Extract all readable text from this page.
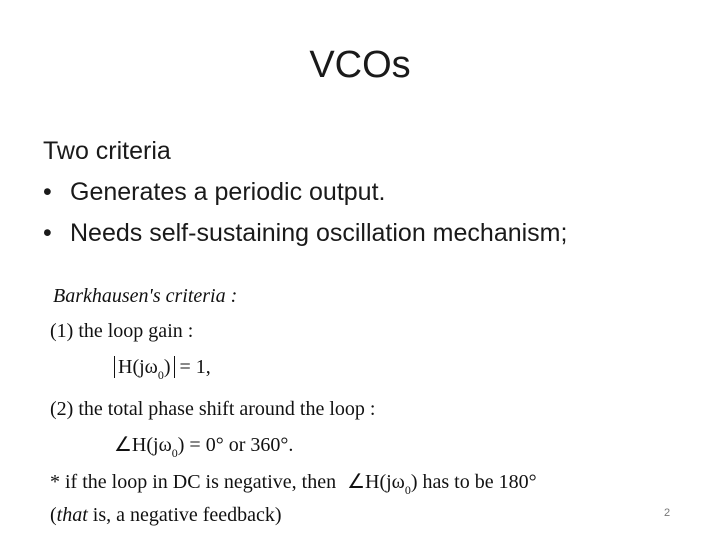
VCOs
Two criteria
• Generates a periodic output.
• Needs self-sustaining oscillation mechanism;
Barkhausen's criteria :
(1) the loop gain :
$H(j\omega_0) = 1$,
(2) the total phase shift around the loop :
$\angle H(j\omega_0) = 0^\circ$ or 360°.
* if the loop in DC is negative, then $\angle H(j\omega_0)$ has to be 180°
(that is, a negative feedback)	2
